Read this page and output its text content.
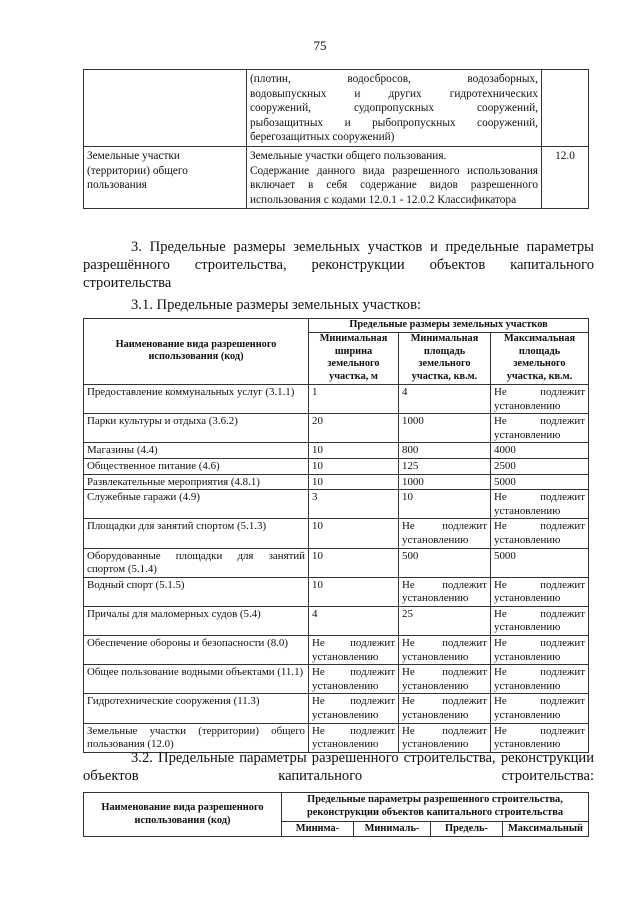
75

	(плотин, водосбросов, водозаборных,
водовыпускных и других гидротехнических
сооружений, судопропускных сооружений,
рыбозащитных и рыбопропускных сооружений,
берегозащитных сооружений)	

Земельные участки (территории) общего пользования	Земельные участки общего пользования.
Содержание данного вида разрешенного использования включает в себя содержание видов разрешенного использования с кодами 12.0.1 - 12.0.2 Классификатора	12.0
3. Предельные размеры земельных участков и предельные параметры разрешённого строительства, реконструкции объектов капитального строительства
3.1. Предельные размеры земельных участков:
Наименование вида разрешенного использования (код)	Предельные размеры земельных участков		
	Минимальная ширина земельного участка, м	Минимальная площадь земельного участка, кв.м.	Максимальная площадь земельного участка, кв.м.
Предоставление коммунальных услуг (3.1.1)	1	4	Не подлежит установлению
Парки культуры и отдыха (3.6.2)	20	1000	Не подлежит установлению
Магазины (4.4)	10	800	4000
Общественное питание (4.6)	10	125	2500
Развлекательные мероприятия (4.8.1)	10	1000	5000
Служебные гаражи (4.9)	3	10	Не подлежит установлению
Площадки для занятий спортом (5.1.3)	10	Не подлежит установлению	Не подлежит установлению
Оборудованные площадки для занятий спортом (5.1.4)	10	500	5000
Водный спорт (5.1.5)	10	Не подлежит установлению	Не подлежит установлению
Причалы для маломерных судов (5.4)	4	25	Не подлежит установлению
Обеспечение обороны и безопасности (8.0)	Не подлежит установлению	Не подлежит установлению	Не подлежит установлению
Общее пользование водными объектами (11.1)	Не подлежит установлению	Не подлежит установлению	Не подлежит установлению
Гидротехнические сооружения (11.3)	Не подлежит установлению	Не подлежит установлению	Не подлежит установлению
Земельные участки (территории) общего пользования (12.0)	Не подлежит установлению	Не подлежит установлению	Не подлежит установлению
3.2. Предельные параметры разрешенного строительства, реконструкции объектов капитального строительства:
Наименование вида разрешенного использования (код)	Предельные параметры разрешенного строительства, реконструкции объектов капитального строительства			
	Минима-	Минималь-	Предель-	Максимальный
